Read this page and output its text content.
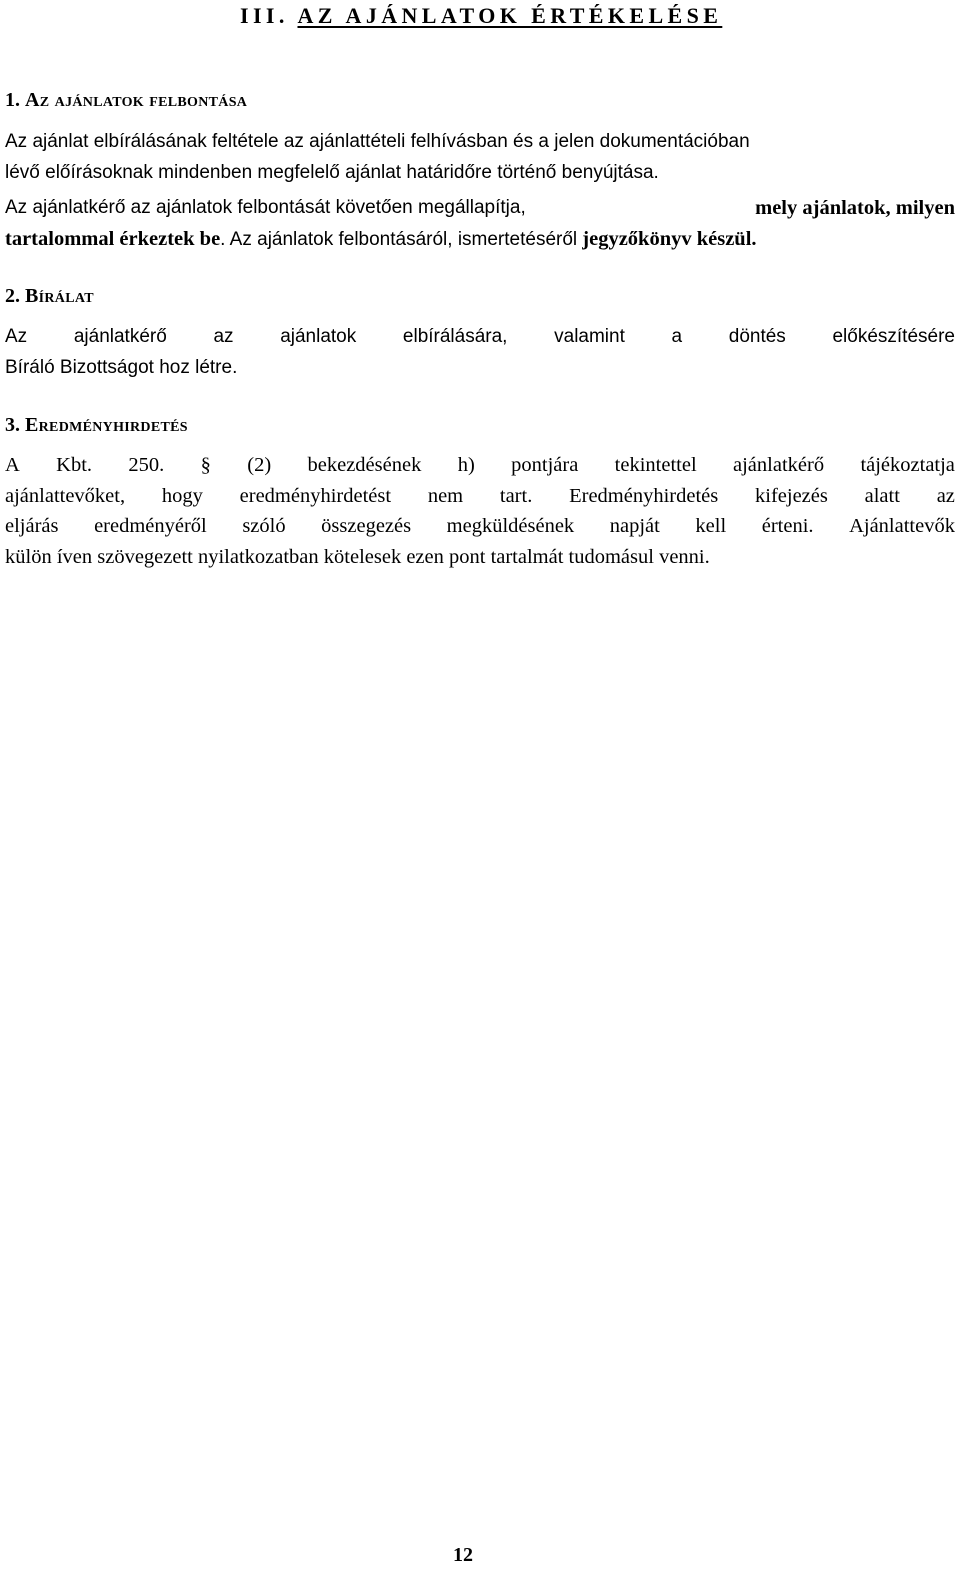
III. AZ AJÁNLATOK ÉRTÉKELÉSE
1. Az ajánlatok felbontása
Az ajánlat elbírálásának feltétele az ajánlattételi felhívásban és a jelen dokumentációban
lévő előírásoknak mindenben megfelelő ajánlat határidőre történő benyújtása.
Az ajánlatkérő az ajánlatok felbontását követően megállapítja,	mely ajánlatok, milyen
tartalommal érkeztek be. Az ajánlatok felbontásáról, ismertetéséről jegyzőkönyv készül.
2. Bírálat
Az ajánlatkérő az ajánlatok elbírálására, valamint a döntés előkészítésére
Bíráló Bizottságot hoz létre.
3. Eredményhirdetés
A Kbt. 250. § (2) bekezdésének h) pontjára tekintettel ajánlatkérő tájékoztatja
ajánlattevőket, hogy eredményhirdetést nem tart. Eredményhirdetés kifejezés alatt az
eljárás eredményéről szóló összegezés megküldésének napját kell érteni. Ajánlattevők
külön íven szövegezett nyilatkozatban kötelesek ezen pont tartalmát tudomásul venni.

12
